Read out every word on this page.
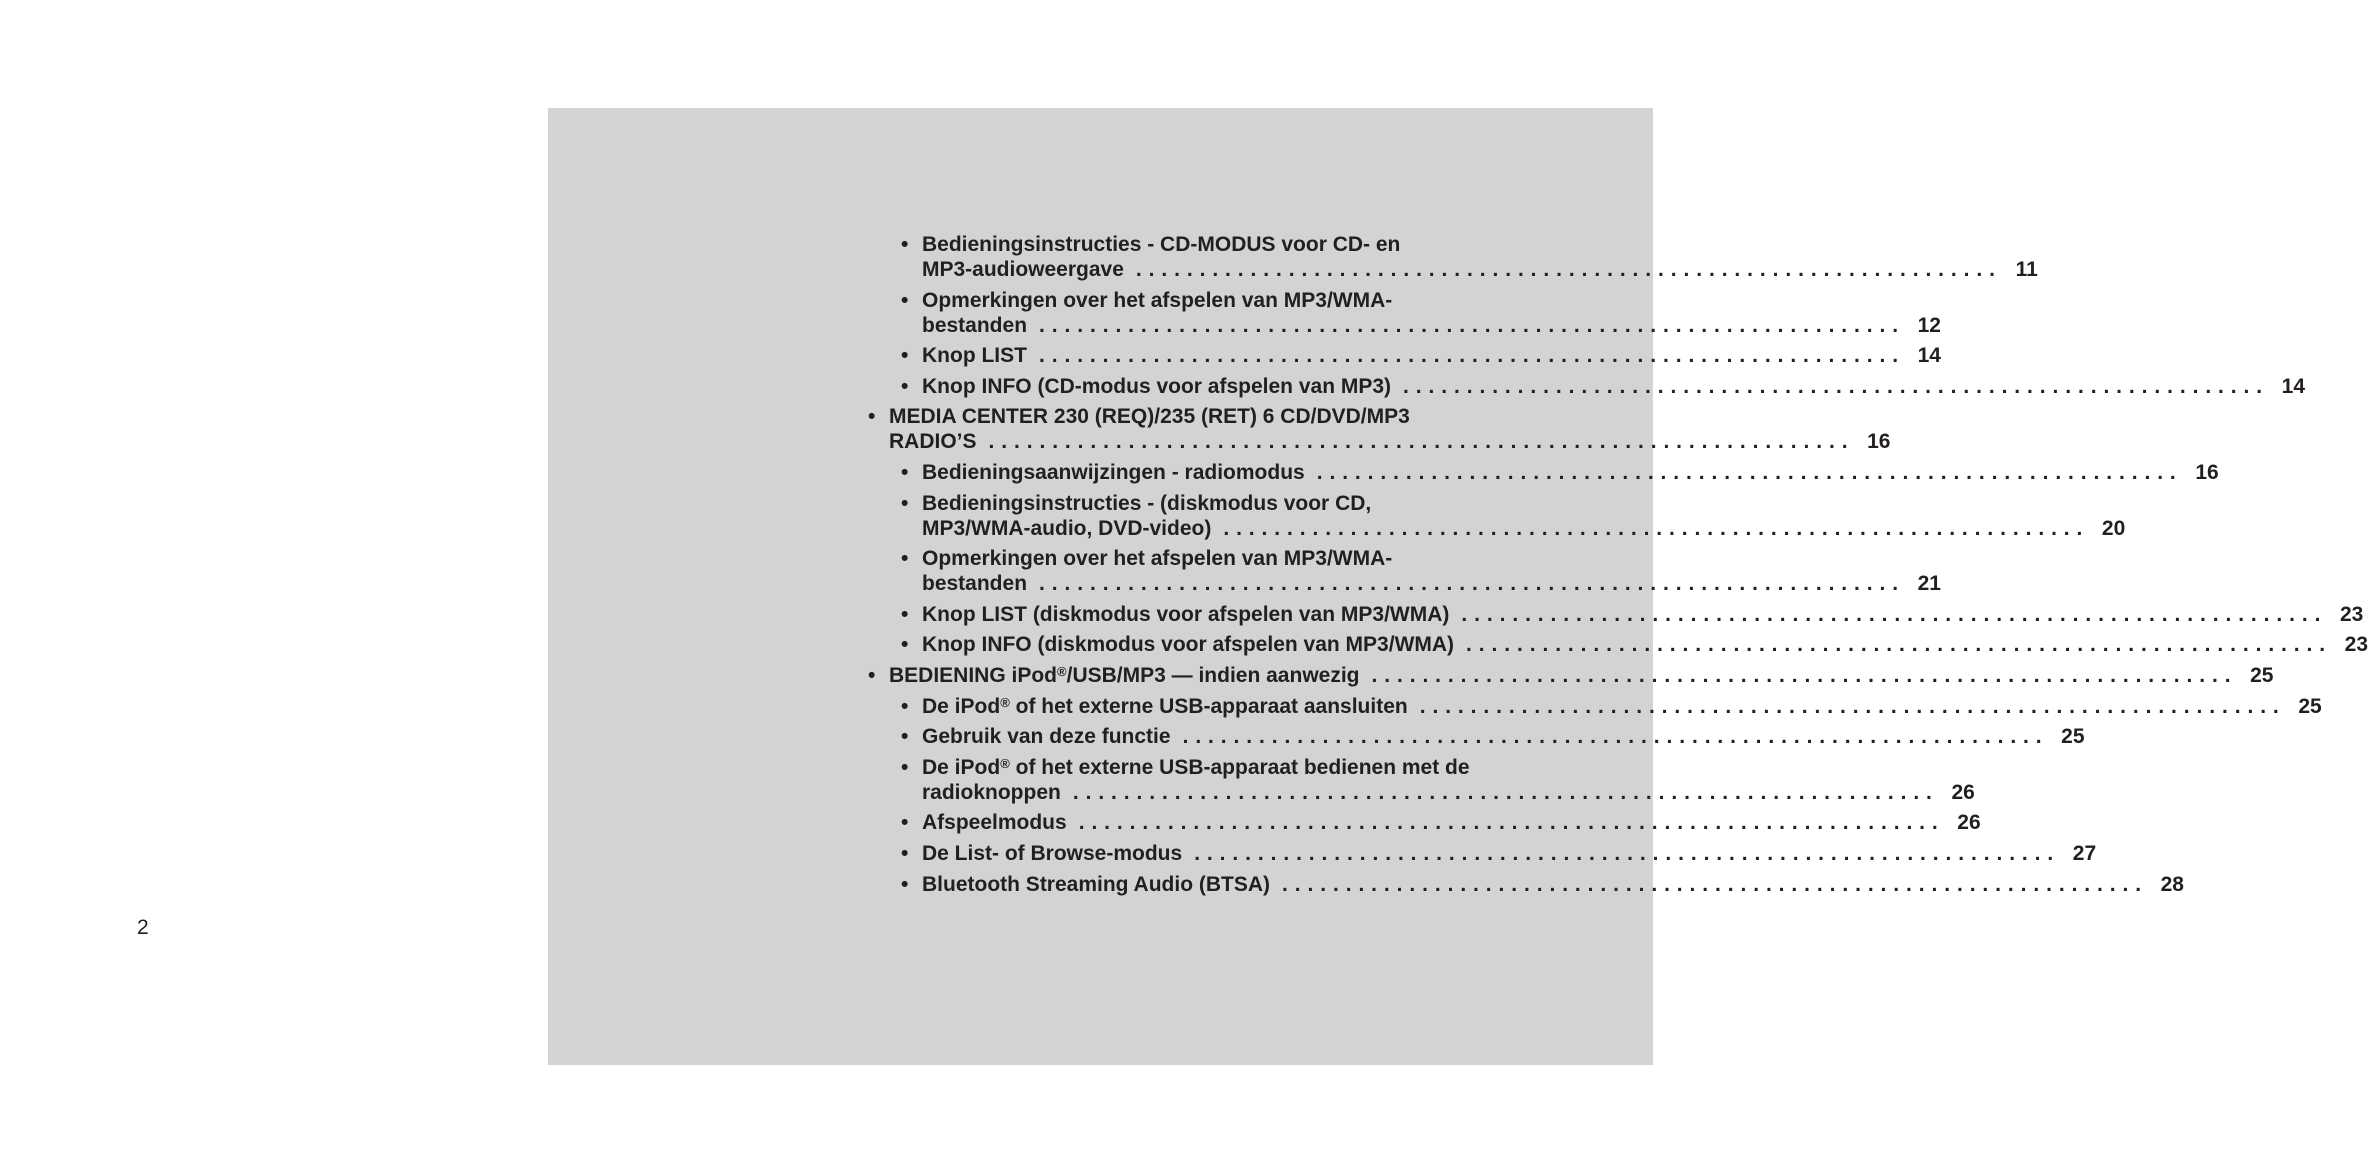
2
• Bedieningsinstructies - CD-MODUS voor CD- en
MP3-audioweergave .................................................................... 11
• Opmerkingen over het afspelen van MP3/WMA-
bestanden .................................................................... 12
• Knop LIST .................................................................... 14
• Knop INFO (CD-modus voor afspelen van MP3) .................................................................... 14
• MEDIA CENTER 230 (REQ)/235 (RET) 6 CD/DVD/MP3
RADIO’S .................................................................... 16
• Bedieningsaanwijzingen - radiomodus .................................................................... 16
• Bedieningsinstructies - (diskmodus voor CD,
MP3/WMA-audio, DVD-video) .................................................................... 20
• Opmerkingen over het afspelen van MP3/WMA-
bestanden .................................................................... 21
• Knop LIST (diskmodus voor afspelen van MP3/WMA) .................................................................... 23
• Knop INFO (diskmodus voor afspelen van MP3/WMA) .................................................................... 23
• BEDIENING iPod®/USB/MP3 — indien aanwezig .................................................................... 25
• De iPod® of het externe USB-apparaat aansluiten .................................................................... 25
• Gebruik van deze functie .................................................................... 25
• De iPod® of het externe USB-apparaat bedienen met de
radioknoppen .................................................................... 26
• Afspeelmodus .................................................................... 26
• De List- of Browse-modus .................................................................... 27
• Bluetooth Streaming Audio (BTSA) .................................................................... 28
